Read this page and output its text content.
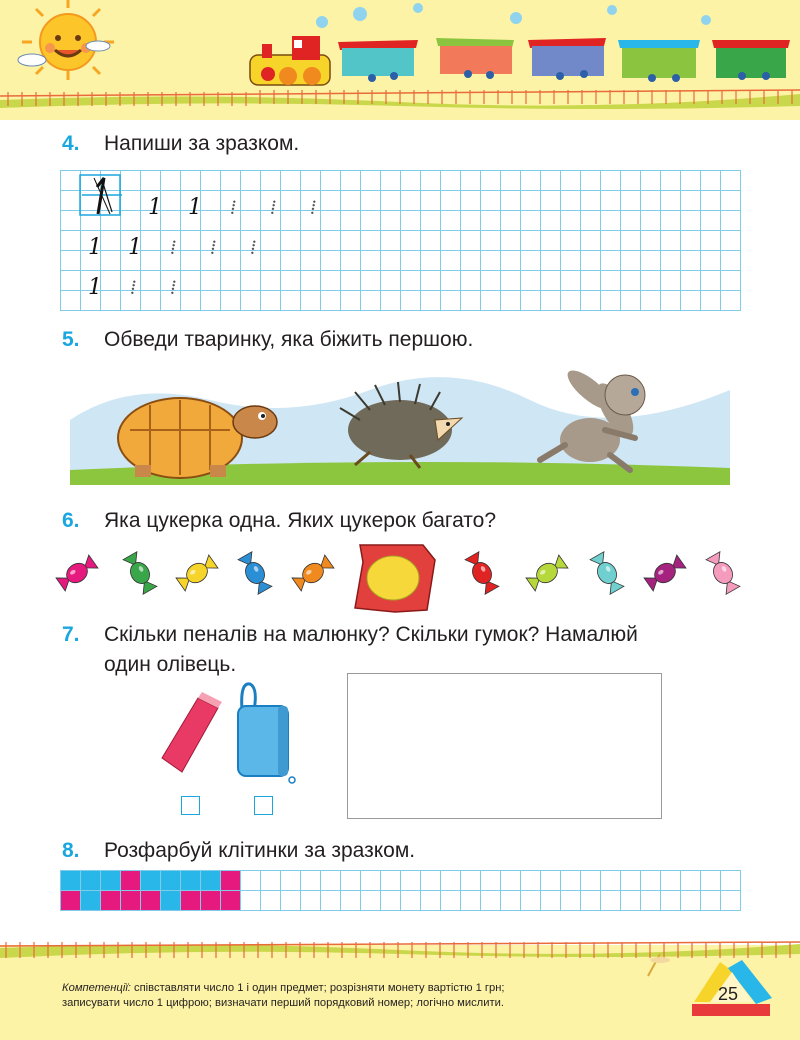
4. Напиши за зразком.
1 1 ⁞ ⁞ ⁞
1 1 ⁞ ⁞ ⁞
1 ⁞ ⁞
5. Обведи тваринку, яка біжить першою.
6. Яка цукерка одна. Яких цукерок багато?
7. Скільки пеналів на малюнку? Скільки гумок? Намалюй
один олівець.
8. Розфарбуй клітинки за зразком.
Компетенції: співставляти число 1 і один предмет; розрізняти монету вартістю 1 грн;
записувати число 1 цифрою; визначати перший порядковий номер; логічно мислити.	25
